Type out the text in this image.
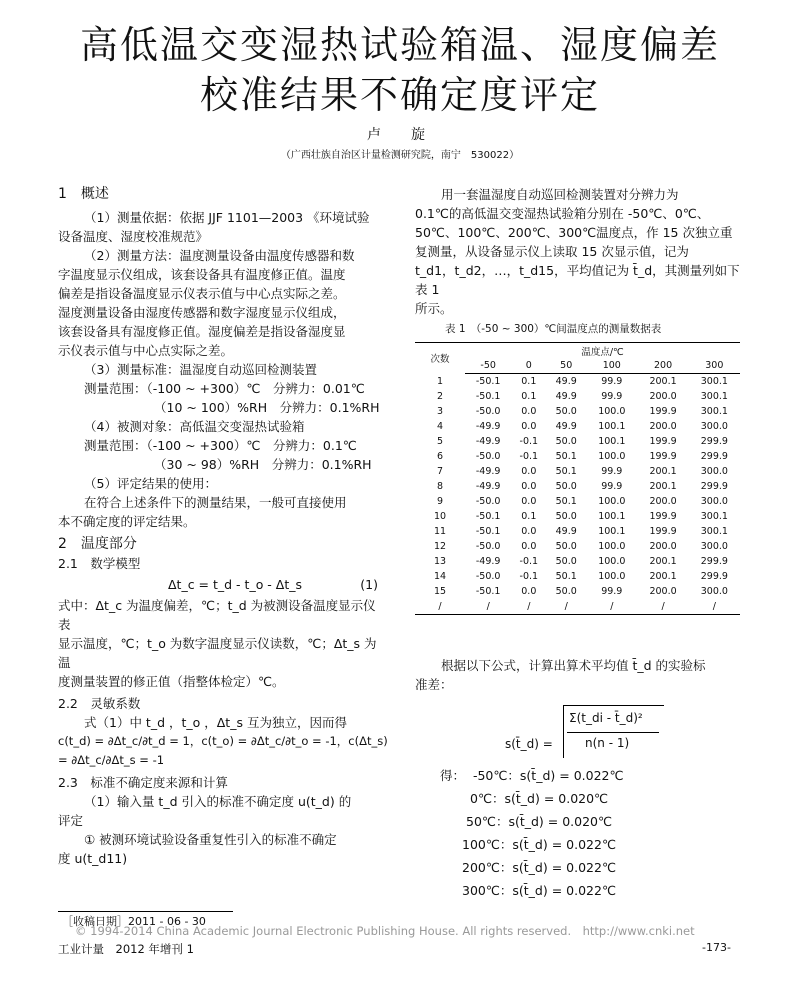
高低温交变湿热试验箱温、湿度偏差
校准结果不确定度评定
卢　旋
（广西壮族自治区计量检测研究院，南宁　530022）

1　概述

（1）测量依据：依据 JJF 1101—2003 《环境试验

设备温度、湿度校准规范》

（2）测量方法：温度测量设备由温度传感器和数

字温度显示仪组成，该套设备具有温度修正值。温度

偏差是指设备温度显示仪表示值与中心点实际之差。

湿度测量设备由湿度传感器和数字湿度显示仪组成，

该套设备具有湿度修正值。湿度偏差是指设备湿度显

示仪表示值与中心点实际之差。

（3）测量标准：温湿度自动巡回检测装置

测量范围：（-100 ~ +300）℃　分辨力：0.01℃

（10 ~ 100）%RH　分辨力：0.1%RH

（4）被测对象：高低温交变湿热试验箱

测量范围：（-100 ~ +300）℃　分辨力：0.1℃

（30 ~ 98）%RH　分辨力：0.1%RH

（5）评定结果的使用：

在符合上述条件下的测量结果，一般可直接使用

本不确定度的评定结果。

2　温度部分

2.1　数学模型

Δt_c = t_d - t_o - Δt_s	(1)

式中：Δt_c 为温度偏差，℃；t_d 为被测设备温度显示仪表

显示温度，℃；t_o 为数字温度显示仪读数，℃；Δt_s 为温

度测量装置的修正值（指整体检定）℃。

2.2　灵敏系数

式（1）中 t_d ，t_o ，Δt_s 互为独立，因而得

c(t_d) = ∂Δt_c/∂t_d = 1，c(t_o) = ∂Δt_c/∂t_o = -1，c(Δt_s)

= ∂Δt_c/∂Δt_s = -1

2.3　标准不确定度来源和计算

（1）输入量 t_d 引入的标准不确定度 u(t_d) 的

评定

① 被测环境试验设备重复性引入的标准不确定

度 u(t_d11)

用一套温湿度自动巡回检测装置对分辨力为

0.1℃的高低温交变湿热试验箱分别在 -50℃、0℃、

50℃、100℃、200℃、300℃温度点，作 15 次独立重

复测量，从设备显示仪上读取 15 次显示值，记为

t_d1，t_d2，…，t_d15，平均值记为 t̄_d，其测量列如下表 1

所示。

表 1　（-50 ~ 300）℃间温度点的测量数据表
次数	温度点/℃					
	-50	0	50	100	200	300
1	-50.1	0.1	49.9	99.9	200.1	300.1
2	-50.1	0.1	49.9	99.9	200.0	300.1
3	-50.0	0.0	50.0	100.0	199.9	300.1
4	-49.9	0.0	49.9	100.1	200.0	300.0
5	-49.9	-0.1	50.0	100.1	199.9	299.9
6	-50.0	-0.1	50.1	100.0	199.9	299.9
7	-49.9	0.0	50.1	99.9	200.1	300.0
8	-49.9	0.0	50.0	99.9	200.1	299.9
9	-50.0	0.0	50.1	100.0	200.0	300.0
10	-50.1	0.1	50.0	100.1	199.9	300.1
11	-50.1	0.0	49.9	100.1	199.9	300.1
12	-50.0	0.0	50.0	100.0	200.0	300.0
13	-49.9	-0.1	50.0	100.0	200.1	299.9
14	-50.0	-0.1	50.1	100.0	200.1	299.9
15	-50.1	0.0	50.0	99.9	200.0	300.0
/	/	/	/	/	/	/

根据以下公式，计算出算术平均值 t̄_d 的实验标

准差：

s(t̄_d) =
Σ(t_di - t̄_d)²
n(n - 1)

得： -50℃：s(t̄_d) = 0.022℃

0℃：s(t̄_d) = 0.020℃

50℃：s(t̄_d) = 0.020℃

100℃：s(t̄_d) = 0.022℃

200℃：s(t̄_d) = 0.022℃

300℃：s(t̄_d) = 0.022℃

［收稿日期］2011 - 06 - 30
© 1994-2014 China Academic Journal Electronic Publishing House. All rights reserved.　http://www.cnki.net
工业计量　2012 年增刊 1	-173-
